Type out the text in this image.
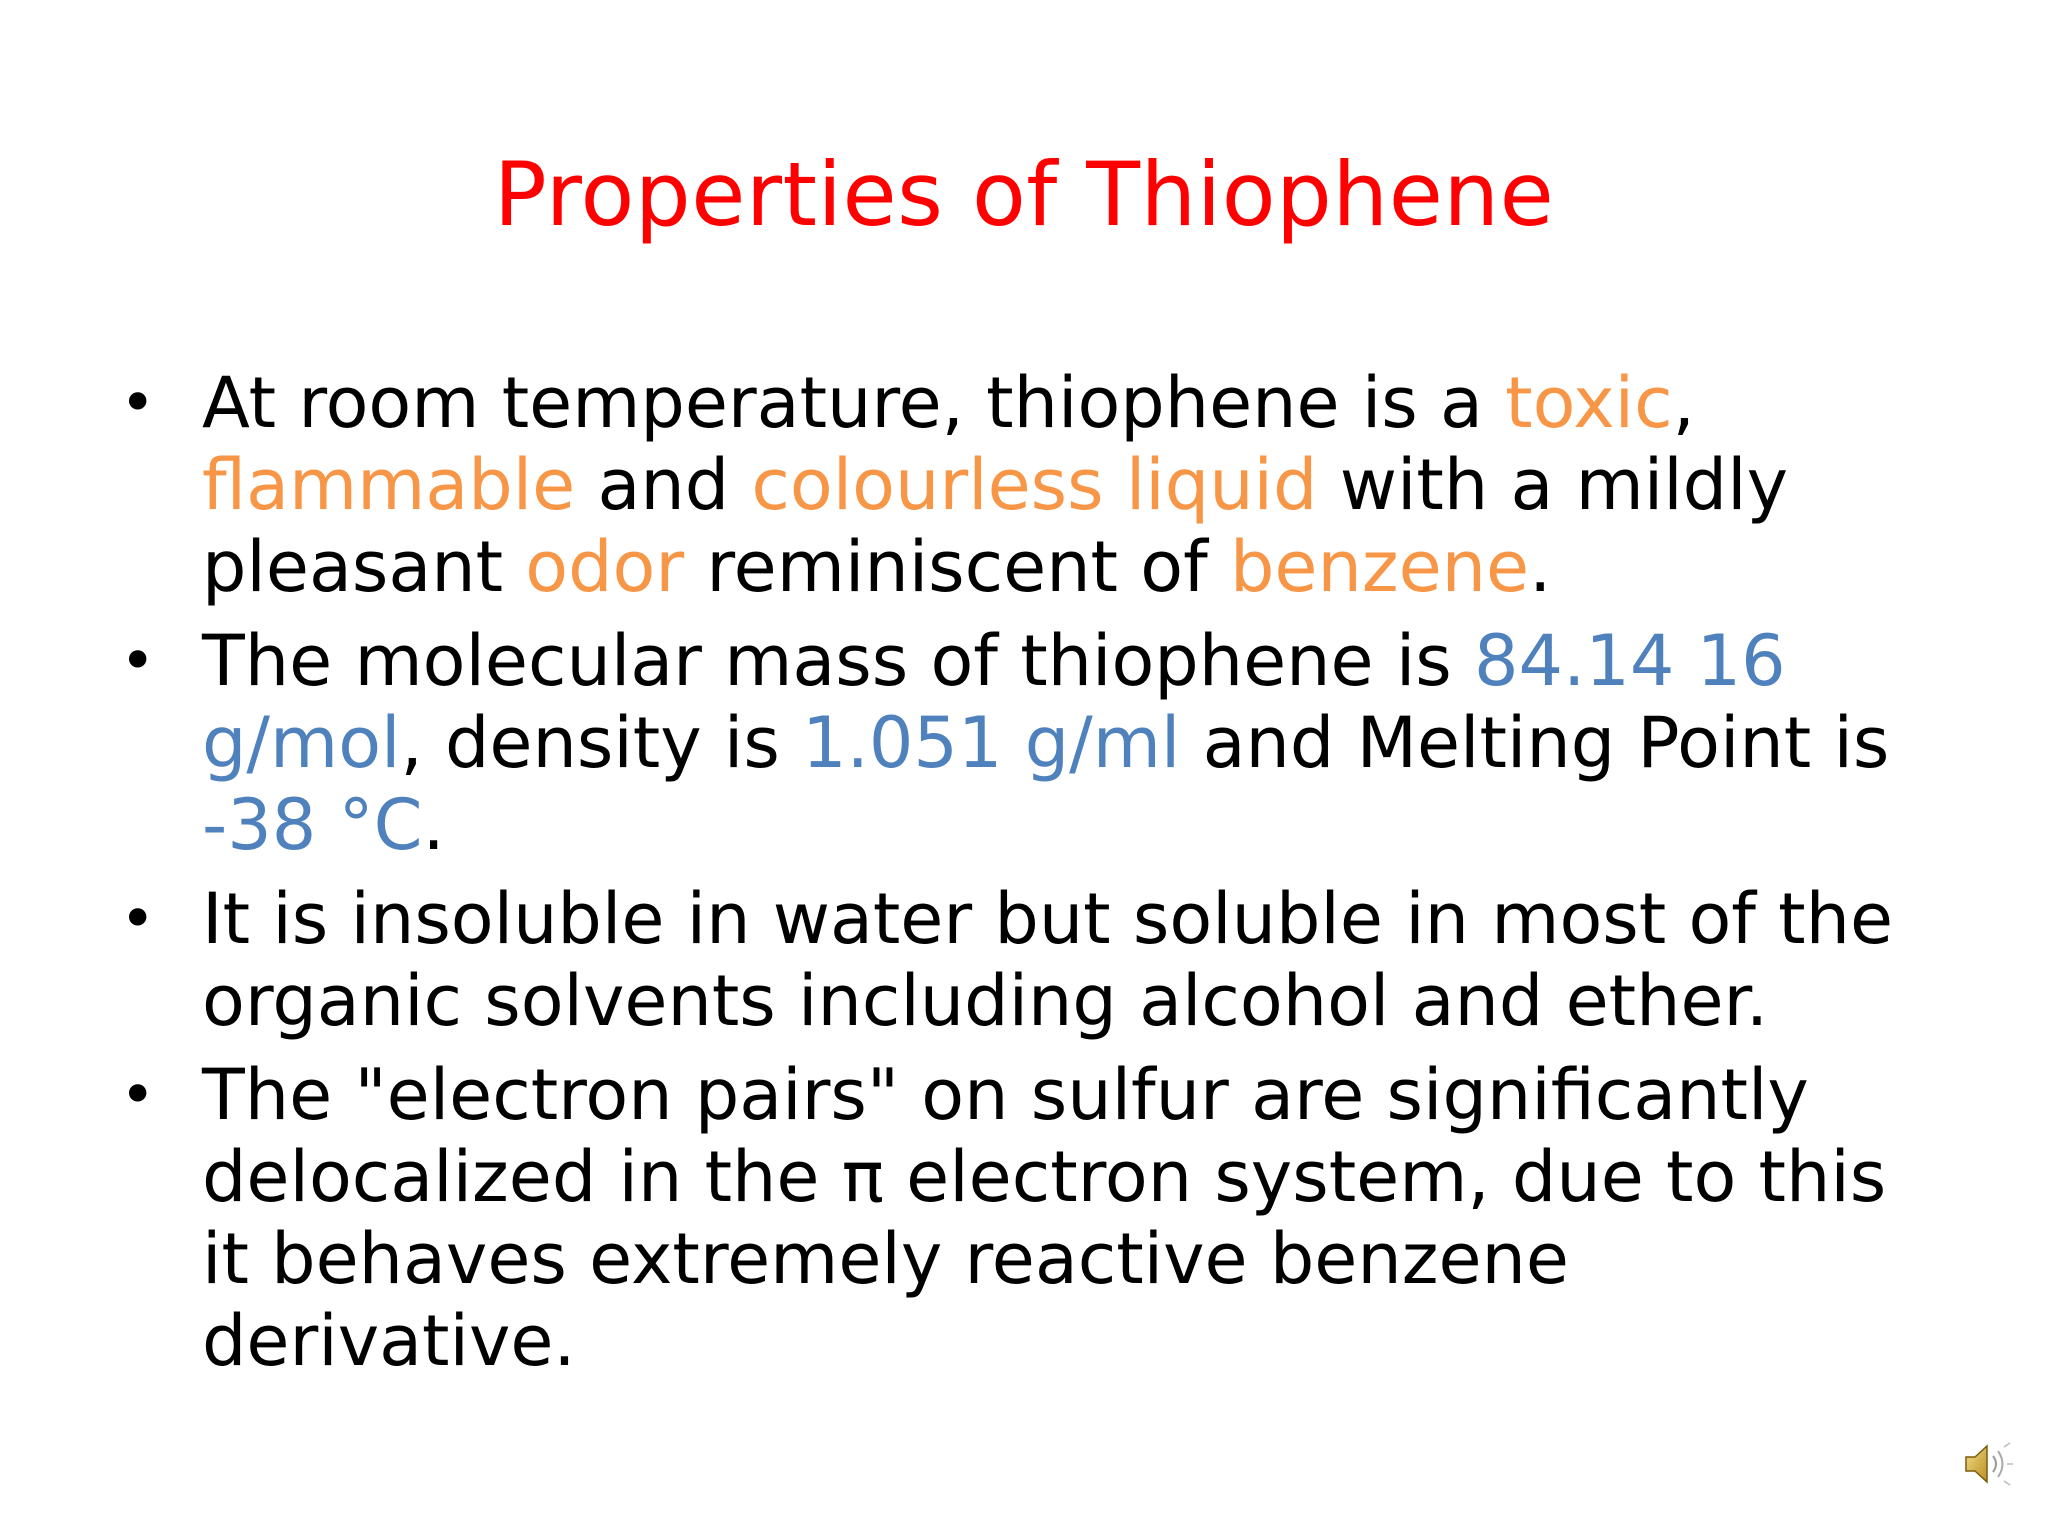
Properties of Thiophene
• At room temperature, thiophene is a toxic, flammable and colourless liquid with a mildly pleasant odor reminiscent of benzene.
• The molecular mass of thiophene is 84.14 16 g/mol, density is 1.051 g/ml and Melting Point is -38 °C.
• It is insoluble in water but soluble in most of the organic solvents including alcohol and ether.
• The "electron pairs" on sulfur are significantly delocalized in the π electron system, due to this it behaves extremely reactive benzene derivative.
